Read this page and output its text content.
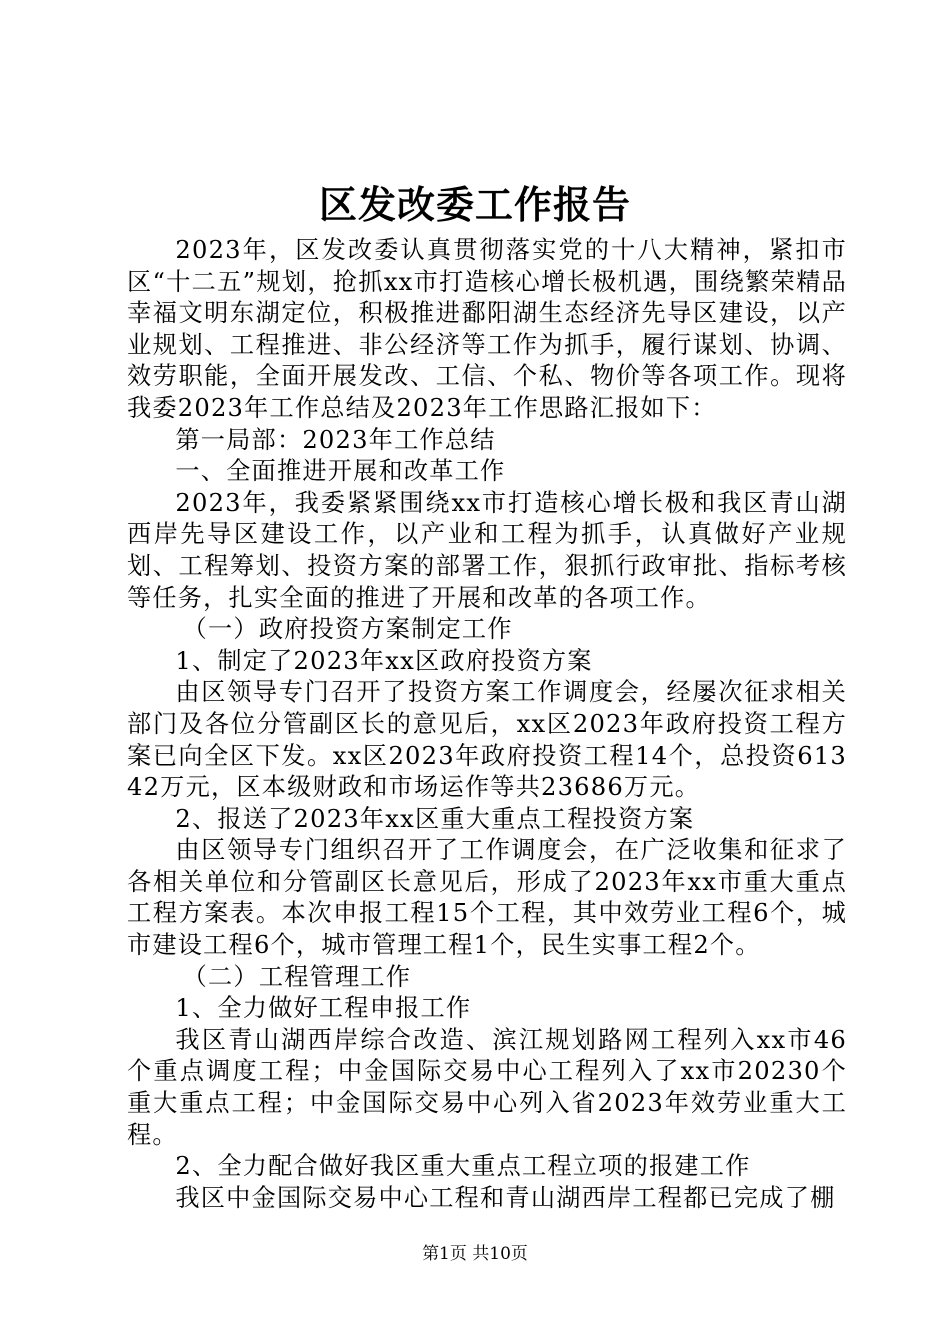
区发改委工作报告

2023年，区发改委认真贯彻落实党的十八大精神，紧扣市区“十二五”规划，抢抓xx市打造核心增长极机遇，围绕繁荣精品幸福文明东湖定位，积极推进鄱阳湖生态经济先导区建设，以产业规划、工程推进、非公经济等工作为抓手，履行谋划、协调、效劳职能，全面开展发改、工信、个私、物价等各项工作。现将我委2023年工作总结及2023年工作思路汇报如下：

第一局部：2023年工作总结

一、全面推进开展和改革工作

2023年，我委紧紧围绕xx市打造核心增长极和我区青山湖西岸先导区建设工作，以产业和工程为抓手，认真做好产业规划、工程筹划、投资方案的部署工作，狠抓行政审批、指标考核等任务，扎实全面的推进了开展和改革的各项工作。

（一）政府投资方案制定工作

1、制定了2023年xx区政府投资方案

由区领导专门召开了投资方案工作调度会，经屡次征求相关部门及各位分管副区长的意见后，xx区2023年政府投资工程方案已向全区下发。xx区2023年政府投资工程14个，总投资61342万元，区本级财政和市场运作等共23686万元。

2、报送了2023年xx区重大重点工程投资方案

由区领导专门组织召开了工作调度会，在广泛收集和征求了各相关单位和分管副区长意见后，形成了2023年xx市重大重点工程方案表。本次申报工程15个工程，其中效劳业工程6个，城市建设工程6个，城市管理工程1个，民生实事工程2个。

（二）工程管理工作

1、全力做好工程申报工作

我区青山湖西岸综合改造、滨江规划路网工程列入xx市46个重点调度工程；中金国际交易中心工程列入了xx市20230个重大重点工程；中金国际交易中心列入省2023年效劳业重大工程。

2、全力配合做好我区重大重点工程立项的报建工作

我区中金国际交易中心工程和青山湖西岸工程都已完成了棚

第1页 共10页
